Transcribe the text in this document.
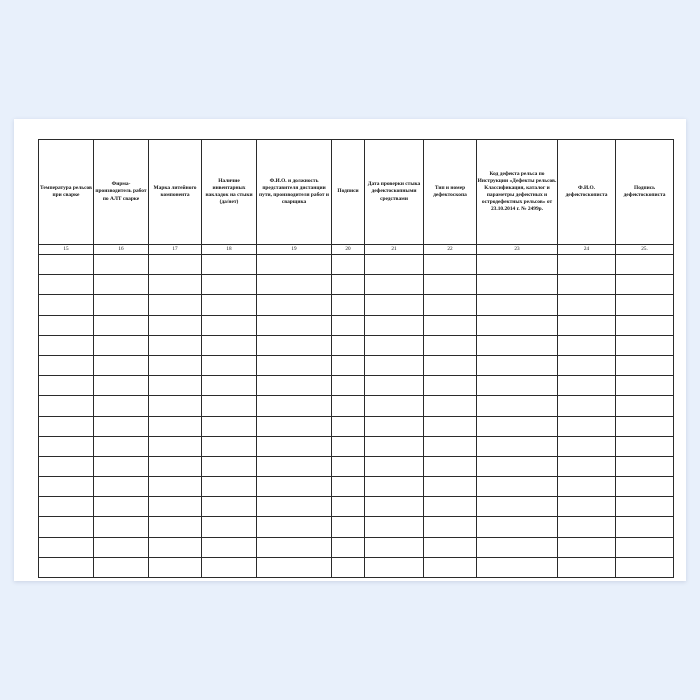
Температура рельсов при сварке	Фирма-производитель работ по АЛТ сварке	Марка литейного компонента	Наличие инвентарных накладок на стыки (да/нет)	Ф.И.О. и должность представителя дистанции пути, производителя работ и сварщика	Подписи	Дата проверки стыка дефектоскопными средствами	Тип и номер дефектоскопа	Код дефекта рельса по Инструкции «Дефекты рельсов. Классификация, каталог и параметры дефектных и остродефектных рельсов» от 23.10.2014 г. № 2499р.	Ф.И.О. дефектоскописта	Подпись дефектоскописта
15	16	17	18	19	20	21	22	23	24	25.
